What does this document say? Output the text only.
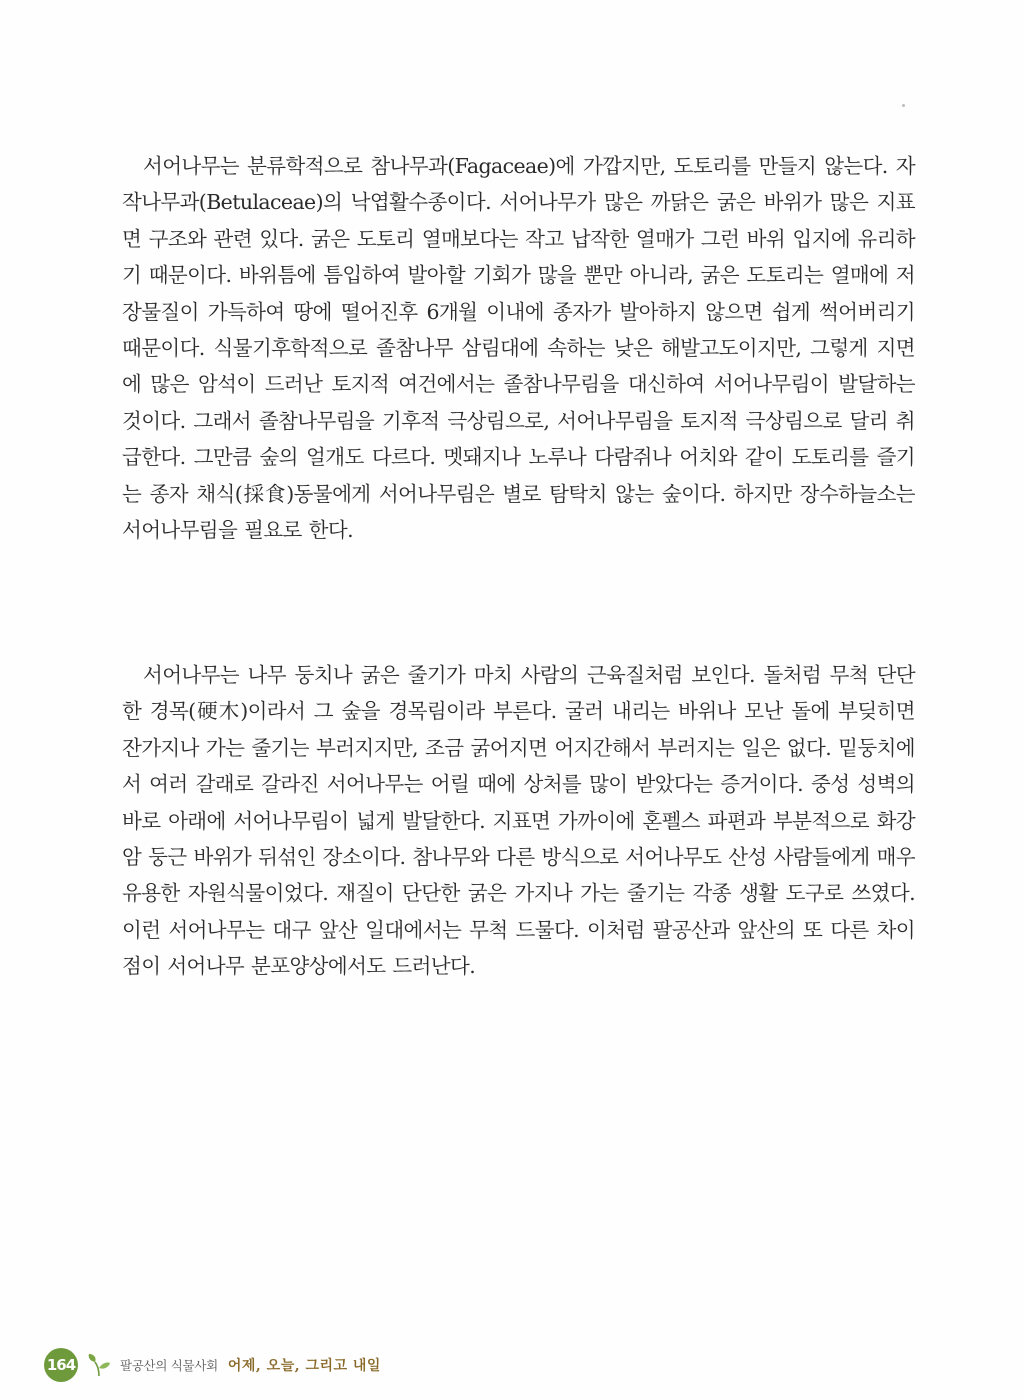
서어나무는 분류학적으로 참나무과(Fagaceae)에 가깝지만, 도토리를 만들지 않는다. 자작나무과(Betulaceae)의 낙엽활수종이다. 서어나무가 많은 까닭은 굵은 바위가 많은 지표면 구조와 관련 있다. 굵은 도토리 열매보다는 작고 납작한 열매가 그런 바위 입지에 유리하기 때문이다. 바위틈에 틈입하여 발아할 기회가 많을 뿐만 아니라, 굵은 도토리는 열매에 저장물질이 가득하여 땅에 떨어진후 6개월 이내에 종자가 발아하지 않으면 쉽게 썩어버리기 때문이다. 식물기후학적으로 졸참나무 삼림대에 속하는 낮은 해발고도이지만, 그렇게 지면에 많은 암석이 드러난 토지적 여건에서는 졸참나무림을 대신하여 서어나무림이 발달하는 것이다. 그래서 졸참나무림을 기후적 극상림으로, 서어나무림을 토지적 극상림으로 달리 취급한다. 그만큼 숲의 얼개도 다르다. 멧돼지나 노루나 다람쥐나 어치와 같이 도토리를 즐기는 종자 채식(採食)동물에게 서어나무림은 별로 탐탁치 않는 숲이다. 하지만 장수하늘소는 서어나무림을 필요로 한다.

서어나무는 나무 둥치나 굵은 줄기가 마치 사람의 근육질처럼 보인다. 돌처럼 무척 단단한 경목(硬木)이라서 그 숲을 경목림이라 부른다. 굴러 내리는 바위나 모난 돌에 부딪히면 잔가지나 가는 줄기는 부러지지만, 조금 굵어지면 어지간해서 부러지는 일은 없다. 밑둥치에서 여러 갈래로 갈라진 서어나무는 어릴 때에 상처를 많이 받았다는 증거이다. 중성 성벽의 바로 아래에 서어나무림이 넓게 발달한다. 지표면 가까이에 혼펠스 파편과 부분적으로 화강암 둥근 바위가 뒤섞인 장소이다. 참나무와 다른 방식으로 서어나무도 산성 사람들에게 매우 유용한 자원식물이었다. 재질이 단단한 굵은 가지나 가는 줄기는 각종 생활 도구로 쓰였다. 이런 서어나무는 대구 앞산 일대에서는 무척 드물다. 이처럼 팔공산과 앞산의 또 다른 차이점이 서어나무 분포양상에서도 드러난다.

164	팔공산의 식물사회 어제, 오늘, 그리고 내일
